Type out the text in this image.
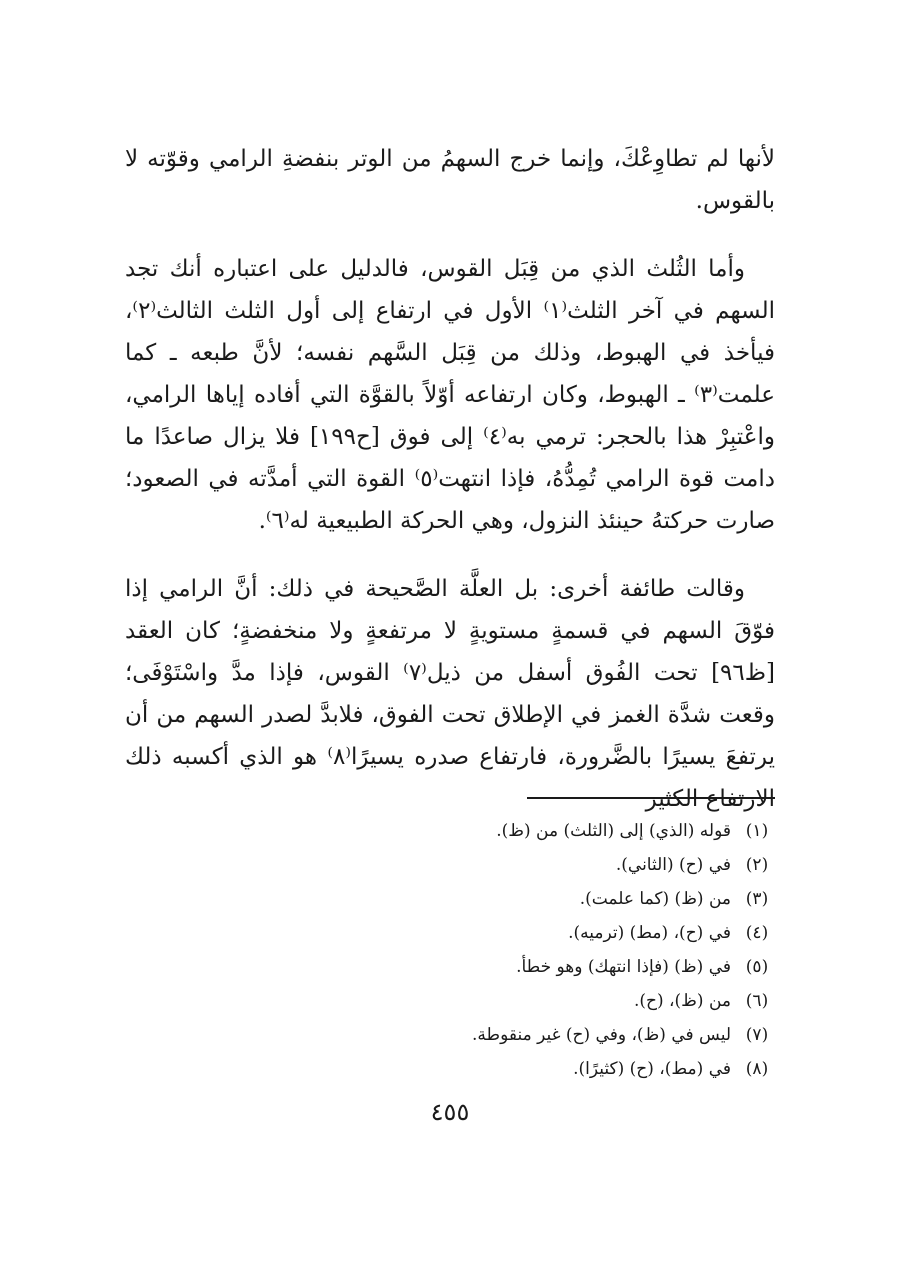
لأنها لم تطاوِعْكَ، وإنما خرج السهمُ من الوتر بنفضةِ الرامي وقوّته لا بالقوس.

وأما الثُلث الذي من قِبَل القوس، فالدليل على اعتباره أنك تجد السهم في آخر الثلث⁽١⁾ الأول في ارتفاع إلى أول الثلث الثالث⁽٢⁾، فيأخذ في الهبوط، وذلك من قِبَل السَّهم نفسه؛ لأنَّ طبعه ـ كما علمت⁽٣⁾ ـ الهبوط، وكان ارتفاعه أوّلاً بالقوَّة التي أفاده إياها الرامي، واعْتبِرْ هذا بالحجر: ترمي به⁽٤⁾ إلى فوق [ح١٩٩] فلا يزال صاعدًا ما دامت قوة الرامي تُمِدُّهُ، فإذا انتهت⁽٥⁾ القوة التي أمدَّته في الصعود؛ صارت حركتهُ حينئذ النزول، وهي الحركة الطبيعية له⁽٦⁾.

وقالت طائفة أخرى: بل العلَّة الصَّحيحة في ذلك: أنَّ الرامي إذا فوّقَ السهم في قسمةٍ مستويةٍ لا مرتفعةٍ ولا منخفضةٍ؛ كان العقد [ظ٩٦] تحت الفُوق أسفل من ذيل⁽٧⁾ القوس، فإذا مدَّ واسْتَوْفَى؛ وقعت شدَّة الغمز في الإطلاق تحت الفوق، فلابدَّ لصدر السهم من أن يرتفعَ يسيرًا بالضَّرورة، فارتفاع صدره يسيرًا⁽٨⁾ هو الذي أكسبه ذلك الارتفاع الكثير

(١)
قوله (الذي) إلى (الثلث) من (ظ).
(٢)
في (ح) (الثاني).
(٣)
من (ظ) (كما علمت).
(٤)
في (ح)، (مط) (ترميه).
(٥)
في (ظ) (فإذا انتهك) وهو خطأ.
(٦)
من (ظ)، (ح).
(٧)
ليس في (ظ)، وفي (ح) غير منقوطة.
(٨)
في (مط)، (ح) (كثيرًا).
٤٥٥
